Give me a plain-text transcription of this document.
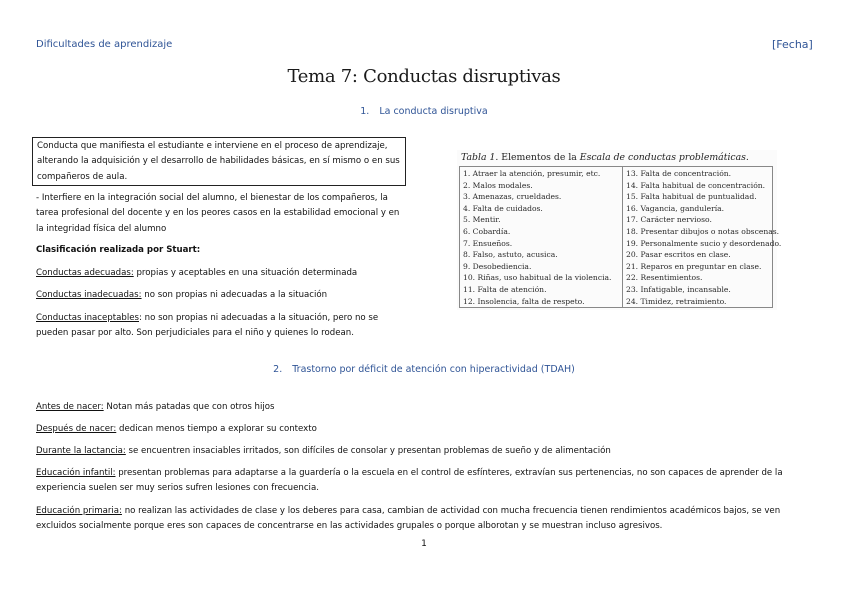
Dificultades de aprendizaje	[Fecha]
Tema 7: Conductas disruptivas
1. La conducta disruptiva
Conducta que manifiesta el estudiante e interviene en el proceso de aprendizaje, alterando la adquisición y el desarrollo de habilidades básicas, en sí mismo o en sus compañeros de aula.
- Interfiere en la integración social del alumno, el bienestar de los compañeros, la tarea profesional del docente y en los peores casos en la estabilidad emocional y en la integridad física del alumno
Clasificación realizada por Stuart:
Conductas adecuadas: propias y aceptables en una situación determinada
Conductas inadecuadas: no son propias ni adecuadas a la situación
Conductas inaceptables: no son propias ni adecuadas a la situación, pero no se pueden pasar por alto. Son perjudiciales para el niño y quienes lo rodean.
Tabla 1. Elementos de la Escala de conductas problemáticas.
1. Atraer la atención, presumir, etc.
2. Malos modales.
3. Amenazas, crueldades.
4. Falta de cuidados.
5. Mentir.
6. Cobardía.
7. Ensueños.
8. Falso, astuto, acusica.
9. Desobediencia.
10. Riñas, uso habitual de la violencia.
11. Falta de atención.
12. Insolencia, falta de respeto.
13. Falta de concentración.
14. Falta habitual de concentración.
15. Falta habitual de puntualidad.
16. Vagancia, gandulería.
17. Carácter nervioso.
18. Presentar dibujos o notas obscenas.
19. Personalmente sucio y desordenado.
20. Pasar escritos en clase.
21. Reparos en preguntar en clase.
22. Resentimientos.
23. Infatigable, incansable.
24. Timidez, retraimiento.
2. Trastorno por déficit de atención con hiperactividad (TDAH)
Antes de nacer: Notan más patadas que con otros hijos
Después de nacer: dedican menos tiempo a explorar su contexto
Durante la lactancia: se encuentren insaciables irritados, son difíciles de consolar y presentan problemas de sueño y de alimentación
Educación infantil: presentan problemas para adaptarse a la guardería o la escuela en el control de esfínteres, extravían sus pertenencias, no son capaces de aprender de la experiencia suelen ser muy serios sufren lesiones con frecuencia.
Educación primaria: no realizan las actividades de clase y los deberes para casa, cambian de actividad con mucha frecuencia tienen rendimientos académicos bajos, se ven excluidos socialmente porque eres son capaces de concentrarse en las actividades grupales o porque alborotan y se muestran incluso agresivos.
1
